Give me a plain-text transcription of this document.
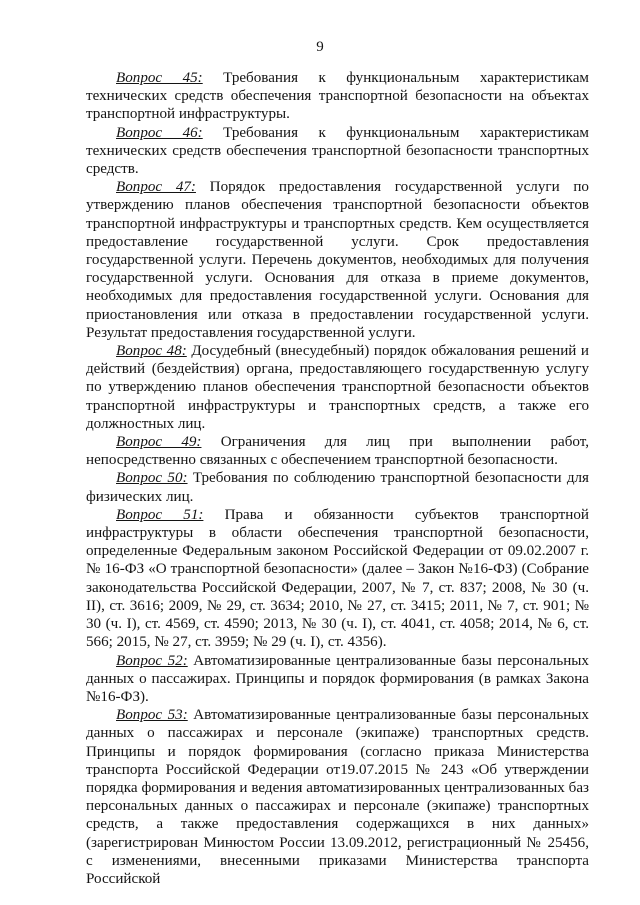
9

Вопрос 45: Требования к функциональным характеристикам технических средств обеспечения транспортной безопасности на объектах транспортной инфраструктуры.

Вопрос 46: Требования к функциональным характеристикам технических средств обеспечения транспортной безопасности транспортных средств.

Вопрос 47: Порядок предоставления государственной услуги по утверждению планов обеспечения транспортной безопасности объектов транспортной инфраструктуры и транспортных средств. Кем осуществляется предоставление государственной услуги. Срок предоставления государственной услуги. Перечень документов, необходимых для получения государственной услуги. Основания для отказа в приеме документов, необходимых для предоставления государственной услуги. Основания для приостановления или отказа в предоставлении государственной услуги. Результат предоставления государственной услуги.

Вопрос 48: Досудебный (внесудебный) порядок обжалования решений и действий (бездействия) органа, предоставляющего государственную услугу по утверждению планов обеспечения транспортной безопасности объектов транспортной инфраструктуры и транспортных средств, а также его должностных лиц.

Вопрос 49: Ограничения для лиц при выполнении работ, непосредственно связанных с обеспечением транспортной безопасности.

Вопрос 50: Требования по соблюдению транспортной безопасности для физических лиц.

Вопрос 51: Права и обязанности субъектов транспортной инфраструктуры в области обеспечения транспортной безопасности, определенные Федеральным законом Российской Федерации от 09.02.2007 г. № 16-ФЗ «О транспортной безопасности» (далее – Закон №16-ФЗ) (Собрание законодательства Российской Федерации, 2007, № 7, ст. 837; 2008, № 30 (ч. II), ст. 3616; 2009, № 29, ст. 3634; 2010, № 27, ст. 3415; 2011, № 7, ст. 901; № 30 (ч. I), ст. 4569, ст. 4590; 2013, № 30 (ч. I), ст. 4041, ст. 4058; 2014, № 6, ст. 566; 2015, № 27, ст. 3959; № 29 (ч. I), ст. 4356).

Вопрос 52: Автоматизированные централизованные базы персональных данных о пассажирах. Принципы и порядок формирования (в рамках Закона №16-ФЗ).

Вопрос 53: Автоматизированные централизованные базы персональных данных о пассажирах и персонале (экипаже) транспортных средств. Принципы и порядок формирования (согласно приказа Министерства транспорта Российской Федерации от19.07.2015 № 243 «Об утверждении порядка формирования и ведения автоматизированных централизованных баз персональных данных о пассажирах и персонале (экипаже) транспортных средств, а также предоставления содержащихся в них данных» (зарегистрирован Минюстом России 13.09.2012, регистрационный № 25456, с изменениями, внесенными приказами Министерства транспорта Российской
